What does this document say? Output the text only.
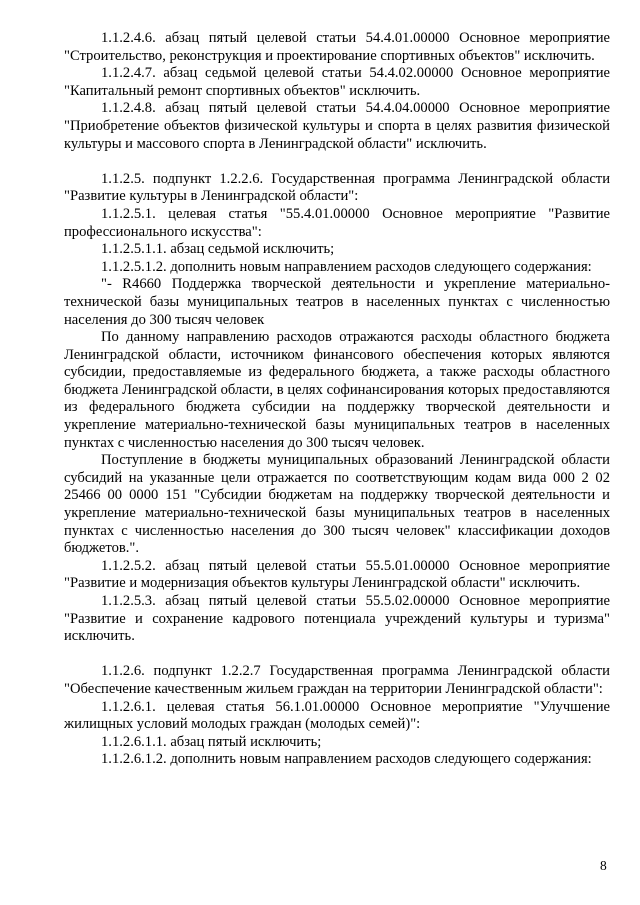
1.1.2.4.6. абзац пятый целевой статьи 54.4.01.00000 Основное мероприятие "Строительство, реконструкция и проектирование спортивных объектов" исключить.

1.1.2.4.7. абзац седьмой целевой статьи 54.4.02.00000 Основное мероприятие "Капитальный ремонт спортивных объектов" исключить.

1.1.2.4.8. абзац пятый целевой статьи 54.4.04.00000 Основное мероприятие "Приобретение объектов физической культуры и спорта в целях развития физической культуры и массового спорта в Ленинградской области" исключить.

1.1.2.5. подпункт 1.2.2.6. Государственная программа Ленинградской области "Развитие культуры в Ленинградской области":

1.1.2.5.1. целевая статья "55.4.01.00000 Основное мероприятие "Развитие профессионального искусства":

1.1.2.5.1.1. абзац седьмой исключить;

1.1.2.5.1.2. дополнить новым направлением расходов следующего содержания:

"- R4660 Поддержка творческой деятельности и укрепление материально-технической базы муниципальных театров в населенных пунктах с численностью населения до 300 тысяч человек

По данному направлению расходов отражаются расходы областного бюджета Ленинградской области, источником финансового обеспечения которых являются субсидии, предоставляемые из федерального бюджета, а также расходы областного бюджета Ленинградской области, в целях софинансирования которых предоставляются из федерального бюджета субсидии на поддержку творческой деятельности и укрепление материально-технической базы муниципальных театров в населенных пунктах с численностью населения до 300 тысяч человек.

Поступление в бюджеты муниципальных образований Ленинградской области субсидий на указанные цели отражается по соответствующим кодам вида 000 2 02 25466 00 0000 151 "Субсидии бюджетам на поддержку творческой деятельности и укрепление материально-технической базы муниципальных театров в населенных пунктах с численностью населения до 300 тысяч человек" классификации доходов бюджетов.".

1.1.2.5.2. абзац пятый целевой статьи 55.5.01.00000 Основное мероприятие "Развитие и модернизация объектов культуры Ленинградской области" исключить.

1.1.2.5.3. абзац пятый целевой статьи 55.5.02.00000 Основное мероприятие "Развитие и сохранение кадрового потенциала учреждений культуры и туризма" исключить.

1.1.2.6. подпункт 1.2.2.7 Государственная программа Ленинградской области "Обеспечение качественным жильем граждан на территории Ленинградской области":

1.1.2.6.1. целевая статья 56.1.01.00000 Основное мероприятие "Улучшение жилищных условий молодых граждан (молодых семей)":

1.1.2.6.1.1. абзац пятый исключить;

1.1.2.6.1.2. дополнить новым направлением расходов следующего содержания:

8
